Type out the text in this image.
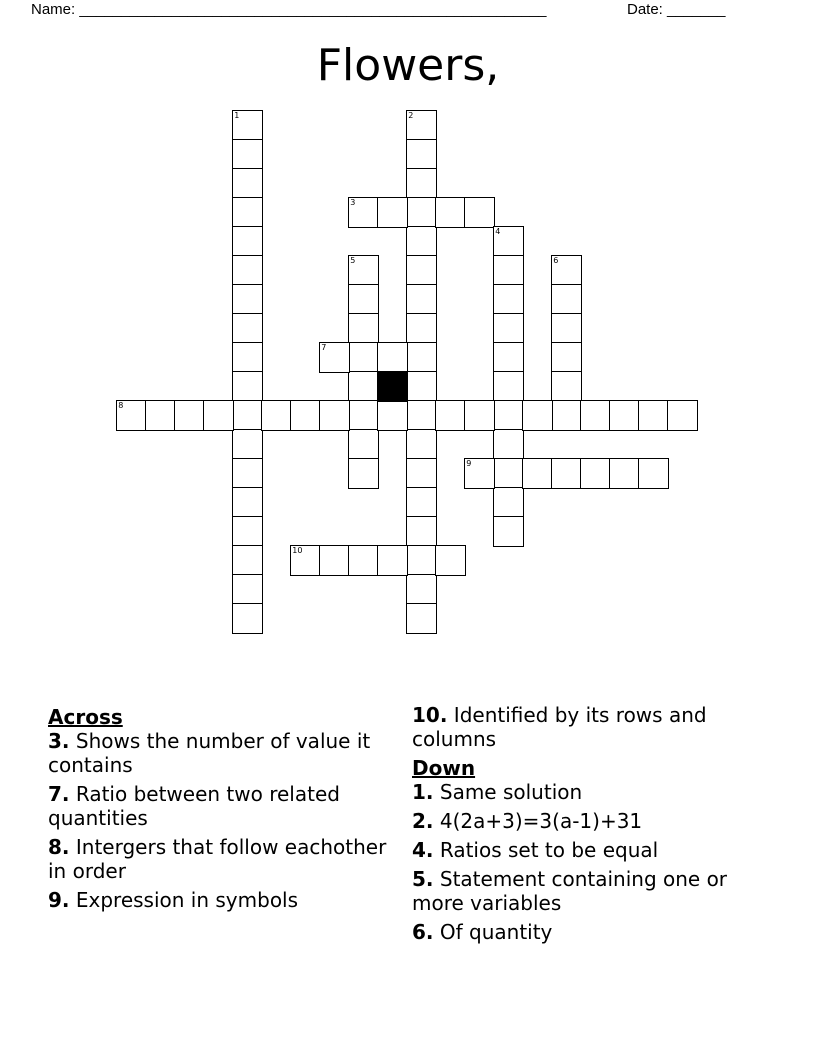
Name: ________________________________________________________	Date: _______
Flowers,
1	2
3
4
5	6
7
8
9
10
Across
3. Shows the number of value it contains
7. Ratio between two related quantities
8. Intergers that follow eachother in order
9. Expression in symbols
10. Identified by its rows and columns
Down
1. Same solution
2. 4(2a+3)=3(a-1)+31
4. Ratios set to be equal
5. Statement containing one or more variables
6. Of quantity
